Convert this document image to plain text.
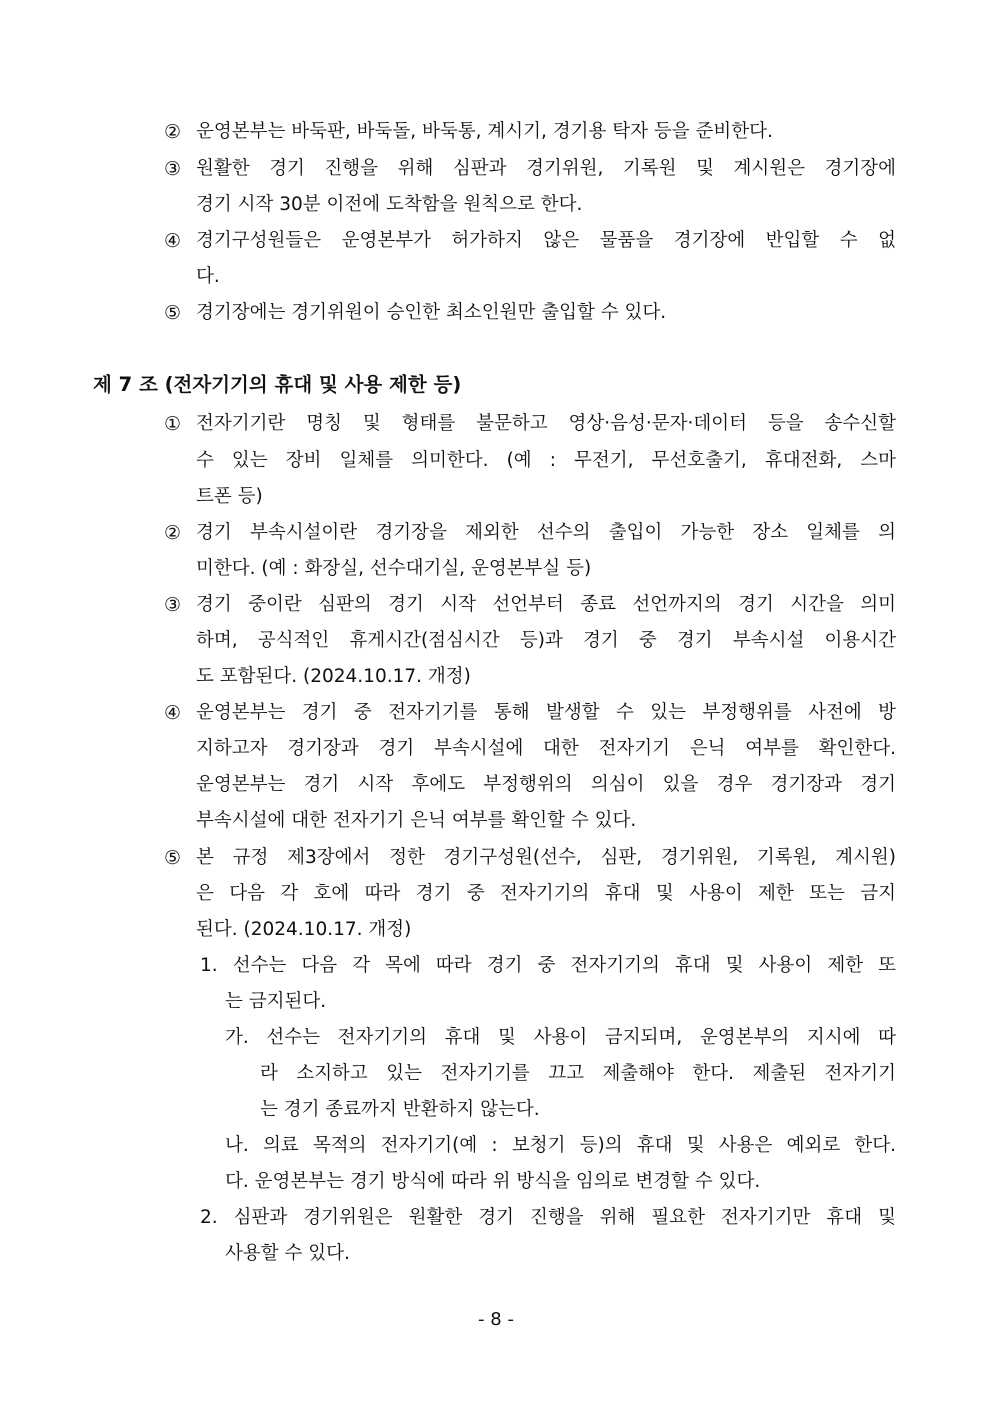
② 운영본부는 바둑판, 바둑돌, 바둑통, 계시기, 경기용 탁자 등을 준비한다.
③ 원활한 경기 진행을 위해 심판과 경기위원, 기록원 및 계시원은 경기장에
경기 시작 30분 이전에 도착함을 원칙으로 한다.
④ 경기구성원들은 운영본부가 허가하지 않은 물품을 경기장에 반입할 수 없
다.
⑤ 경기장에는 경기위원이 승인한 최소인원만 출입할 수 있다.
제 7 조 (전자기기의 휴대 및 사용 제한 등)
① 전자기기란 명칭 및 형태를 불문하고 영상·음성·문자·데이터 등을 송수신할
수 있는 장비 일체를 의미한다. (예 : 무전기, 무선호출기, 휴대전화, 스마
트폰 등)
② 경기 부속시설이란 경기장을 제외한 선수의 출입이 가능한 장소 일체를 의
미한다. (예 : 화장실, 선수대기실, 운영본부실 등)
③ 경기 중이란 심판의 경기 시작 선언부터 종료 선언까지의 경기 시간을 의미
하며, 공식적인 휴게시간(점심시간 등)과 경기 중 경기 부속시설 이용시간
도 포함된다. (2024.10.17. 개정)
④ 운영본부는 경기 중 전자기기를 통해 발생할 수 있는 부정행위를 사전에 방
지하고자 경기장과 경기 부속시설에 대한 전자기기 은닉 여부를 확인한다.
운영본부는 경기 시작 후에도 부정행위의 의심이 있을 경우 경기장과 경기
부속시설에 대한 전자기기 은닉 여부를 확인할 수 있다.
⑤ 본 규정 제3장에서 정한 경기구성원(선수, 심판, 경기위원, 기록원, 계시원)
은 다음 각 호에 따라 경기 중 전자기기의 휴대 및 사용이 제한 또는 금지
된다. (2024.10.17. 개정)
1. 선수는 다음 각 목에 따라 경기 중 전자기기의 휴대 및 사용이 제한 또
는 금지된다.
가. 선수는 전자기기의 휴대 및 사용이 금지되며, 운영본부의 지시에 따
라 소지하고 있는 전자기기를 끄고 제출해야 한다. 제출된 전자기기
는 경기 종료까지 반환하지 않는다.
나. 의료 목적의 전자기기(예 : 보청기 등)의 휴대 및 사용은 예외로 한다.
다. 운영본부는 경기 방식에 따라 위 방식을 임의로 변경할 수 있다.
2. 심판과 경기위원은 원활한 경기 진행을 위해 필요한 전자기기만 휴대 및
사용할 수 있다.
- 8 -
